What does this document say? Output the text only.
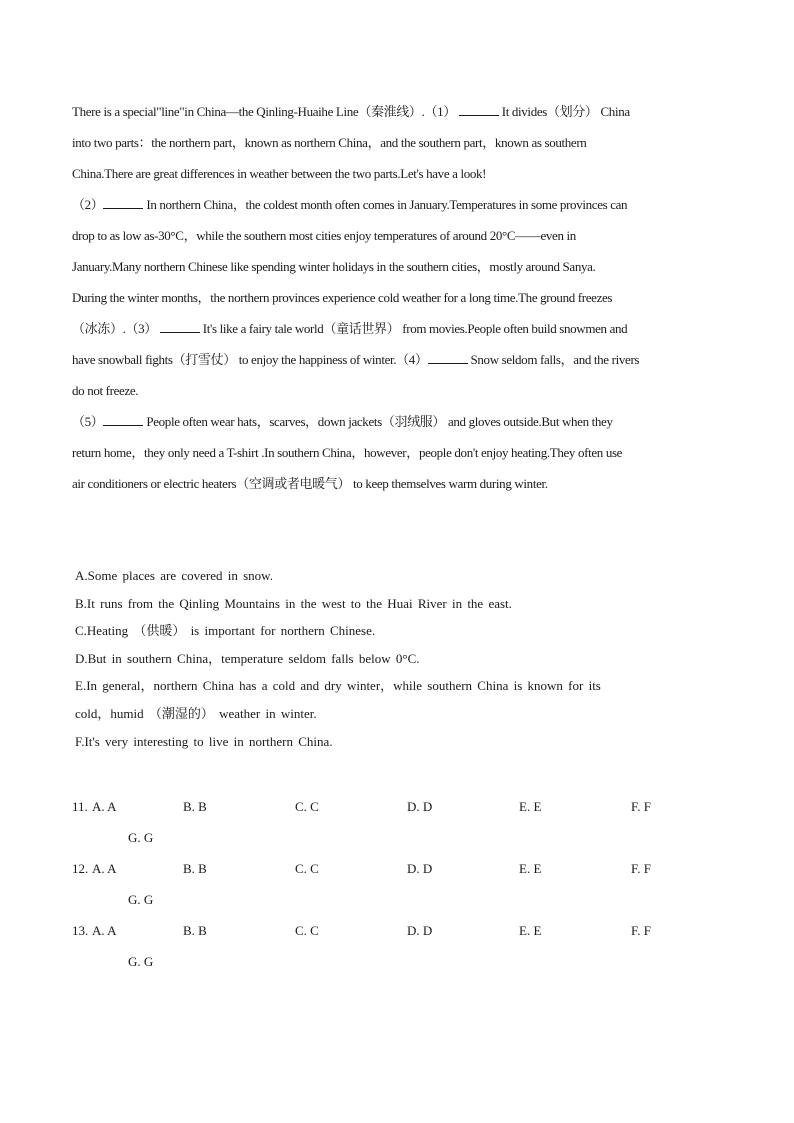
There is a special"line"in China—the Qinling-Huaihe Line（秦淮线）.（1）	It divides（划分） China
into two parts：the northern part，known as northern China，and the southern part，known as southern
China.There are great differences in weather between the two parts.Let's have a look!
（2）	In northern China，the coldest month often comes in January.Temperatures in some provinces can
drop to as low as-30°C，while the southern most cities enjoy temperatures of around 20°C——even in
January.Many northern Chinese like spending winter holidays in the southern cities，mostly around Sanya.
During the winter months，the northern provinces experience cold weather for a long time.The ground freezes
（冰冻）.（3）	It's like a fairy tale world（童话世界） from movies.People often build snowmen and
have snowball fights（打雪仗） to enjoy the happiness of winter.（4）	Snow seldom falls，and the rivers
do not freeze.
（5）	People often wear hats，scarves，down jackets（羽绒服） and gloves outside.But when they
return home，they only need a T-shirt .In southern China，however，people don't enjoy heating.They often use
air conditioners or electric heaters（空调或者电暖气） to keep themselves warm during winter.
A.Some places are covered in snow.
B.It runs from the Qinling Mountains in the west to the Huai River in the east.
C.Heating （供暖） is important for northern Chinese.
D.But in southern China，temperature seldom falls below 0°C.
E.In general，northern China has a cold and dry winter，while southern China is known for its
cold，humid （潮湿的） weather in winter.
F.It's very interesting to live in northern China.
11. A. A	B. B	C. C	D. D	E. E	F. F
G. G
12. A. A	B. B	C. C	D. D	E. E	F. F
G. G
13. A. A	B. B	C. C	D. D	E. E	F. F
G. G
